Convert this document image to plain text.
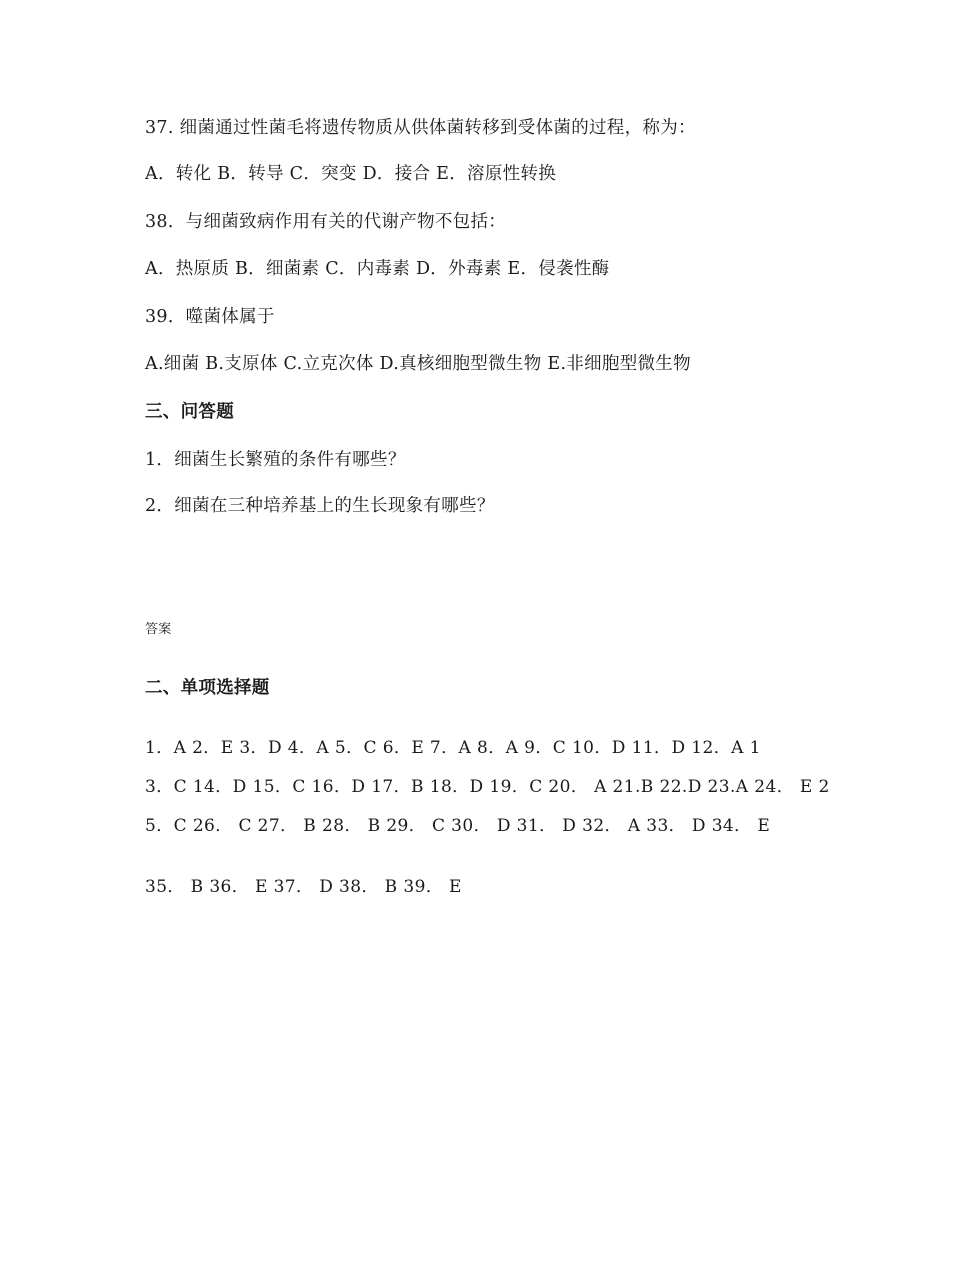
37. 细菌通过性菌毛将遗传物质从供体菌转移到受体菌的过程，称为：
A．转化 B．转导 C．突变 D．接合 E．溶原性转换
38．与细菌致病作用有关的代谢产物不包括：
A．热原质 B．细菌素 C．内毒素 D．外毒素 E．侵袭性酶
39．噬菌体属于
A.细菌 B.支原体 C.立克次体 D.真核细胞型微生物 E.非细胞型微生物
三、问答题
1．细菌生长繁殖的条件有哪些？
2．细菌在三种培养基上的生长现象有哪些？
答案
二、单项选择题
1．A 2．E 3．D 4．A 5．C 6．E 7．A 8．A 9．C 10．D 11．D 12．A 1
3．C 14．D 15．C 16．D 17．B 18．D 19．C 20． A 21.B 22.D 23.A 24． E 2
5．C 26． C 27． B 28． B 29． C 30． D 31． D 32． A 33． D 34． E
35． B 36． E 37． D 38． B 39． E
